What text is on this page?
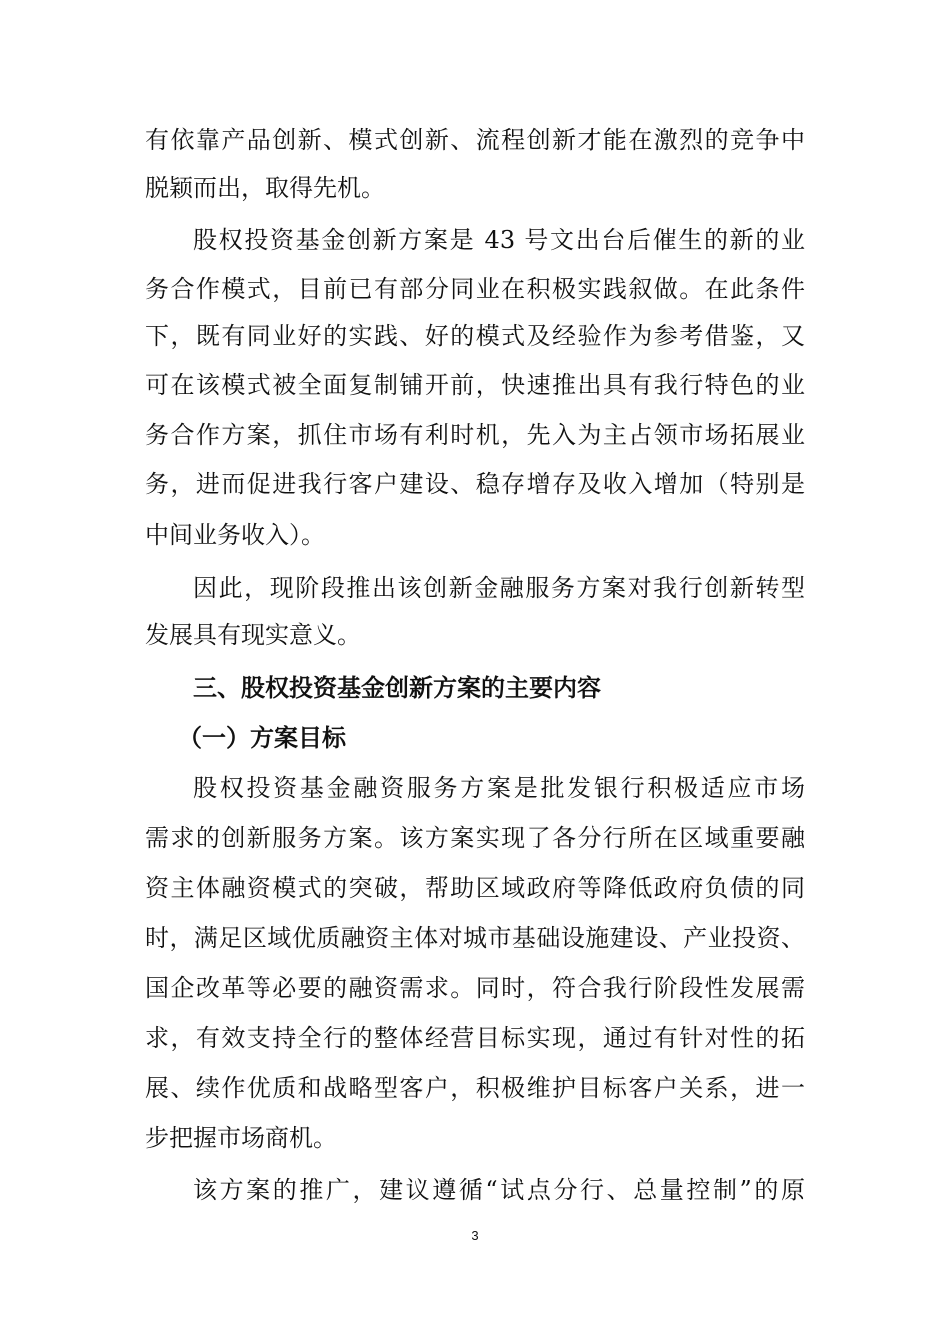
有依靠产品创新、模式创新、流程创新才能在激烈的竞争中
脱颖而出，取得先机。
股权投资基金创新方案是 43 号文出台后催生的新的业
务合作模式，目前已有部分同业在积极实践叙做。在此条件
下，既有同业好的实践、好的模式及经验作为参考借鉴，又
可在该模式被全面复制铺开前，快速推出具有我行特色的业
务合作方案，抓住市场有利时机，先入为主占领市场拓展业
务，进而促进我行客户建设、稳存增存及收入增加（特别是
中间业务收入）。
因此，现阶段推出该创新金融服务方案对我行创新转型
发展具有现实意义。
三、股权投资基金创新方案的主要内容
（一）方案目标
股权投资基金融资服务方案是批发银行积极适应市场
需求的创新服务方案。该方案实现了各分行所在区域重要融
资主体融资模式的突破，帮助区域政府等降低政府负债的同
时，满足区域优质融资主体对城市基础设施建设、产业投资、
国企改革等必要的融资需求。同时，符合我行阶段性发展需
求，有效支持全行的整体经营目标实现，通过有针对性的拓
展、续作优质和战略型客户，积极维护目标客户关系，进一
步把握市场商机。
该方案的推广，建议遵循“试点分行、总量控制”的原
3
